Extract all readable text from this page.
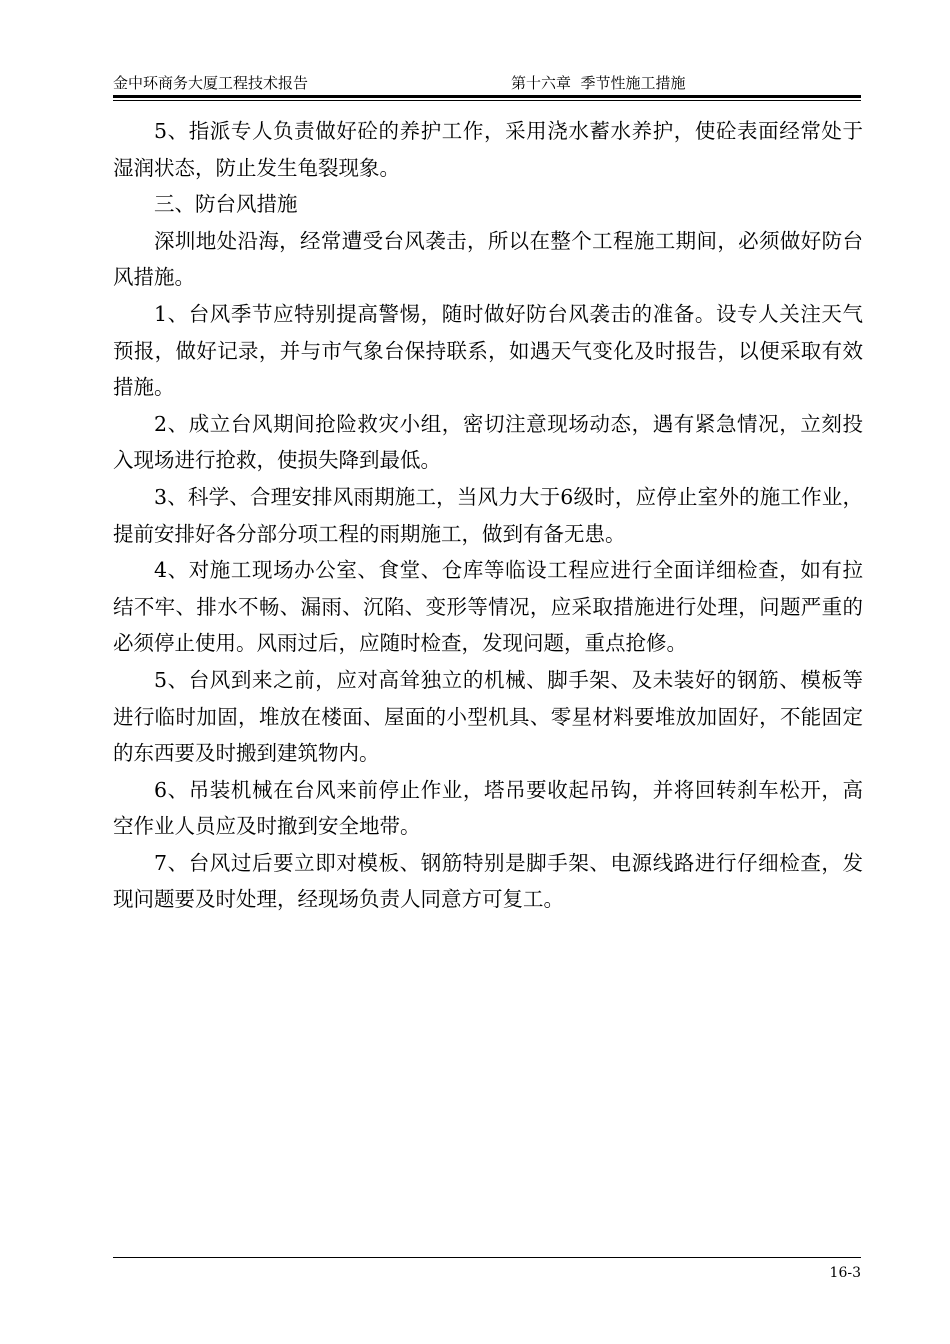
金中环商务大厦工程技术报告	第十六章  季节性施工措施

5、指派专人负责做好砼的养护工作，采用浇水蓄水养护，使砼表面经常处于湿润状态，防止发生龟裂现象。

三、防台风措施

深圳地处沿海，经常遭受台风袭击，所以在整个工程施工期间，必须做好防台风措施。

1、台风季节应特别提高警惕，随时做好防台风袭击的准备。设专人关注天气预报，做好记录，并与市气象台保持联系，如遇天气变化及时报告，以便采取有效措施。

2、成立台风期间抢险救灾小组，密切注意现场动态，遇有紧急情况，立刻投入现场进行抢救，使损失降到最低。

3、科学、合理安排风雨期施工，当风力大于6级时，应停止室外的施工作业，提前安排好各分部分项工程的雨期施工，做到有备无患。

4、对施工现场办公室、食堂、仓库等临设工程应进行全面详细检查，如有拉结不牢、排水不畅、漏雨、沉陷、变形等情况，应采取措施进行处理，问题严重的必须停止使用。风雨过后，应随时检查，发现问题，重点抢修。

5、台风到来之前，应对高耸独立的机械、脚手架、及未装好的钢筋、模板等进行临时加固，堆放在楼面、屋面的小型机具、零星材料要堆放加固好，不能固定的东西要及时搬到建筑物内。

6、吊装机械在台风来前停止作业，塔吊要收起吊钩，并将回转刹车松开，高空作业人员应及时撤到安全地带。

7、台风过后要立即对模板、钢筋特别是脚手架、电源线路进行仔细检查，发现问题要及时处理，经现场负责人同意方可复工。

16-3
